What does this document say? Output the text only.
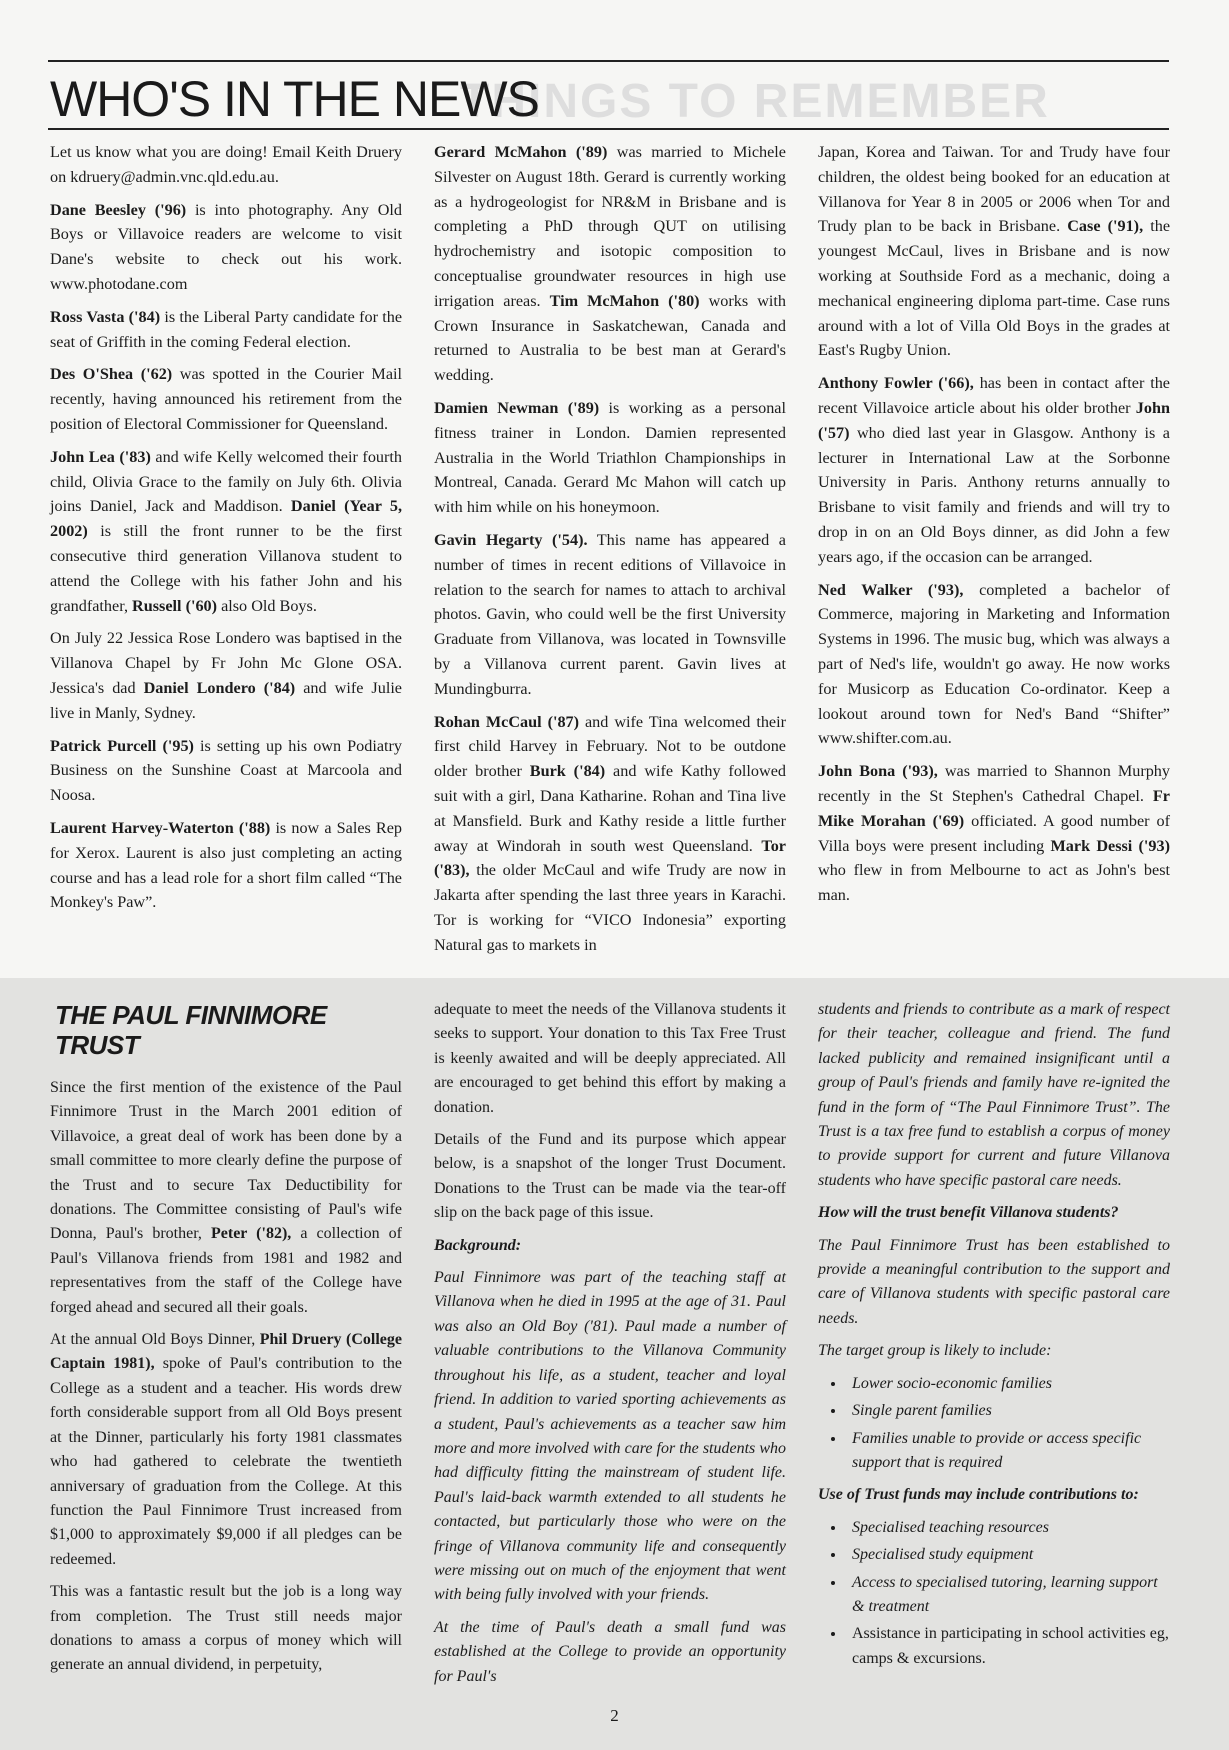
THINGS TO REMEMBER
WHO'S IN THE NEWS

Let us know what you are doing! Email Keith Druery on kdruery@admin.vnc.qld.edu.au.

Dane Beesley ('96) is into photography. Any Old Boys or Villavoice readers are welcome to visit Dane's website to check out his work. www.photodane.com

Ross Vasta ('84) is the Liberal Party candidate for the seat of Griffith in the coming Federal election.

Des O'Shea ('62) was spotted in the Courier Mail recently, having announced his retirement from the position of Electoral Commissioner for Queensland.

John Lea ('83) and wife Kelly welcomed their fourth child, Olivia Grace to the family on July 6th. Olivia joins Daniel, Jack and Maddison. Daniel (Year 5, 2002) is still the front runner to be the first consecutive third generation Villanova student to attend the College with his father John and his grandfather, Russell ('60) also Old Boys.

On July 22 Jessica Rose Londero was baptised in the Villanova Chapel by Fr John Mc Glone OSA. Jessica's dad Daniel Londero ('84) and wife Julie live in Manly, Sydney.

Patrick Purcell ('95) is setting up his own Podiatry Business on the Sunshine Coast at Marcoola and Noosa.

Laurent Harvey-Waterton ('88) is now a Sales Rep for Xerox. Laurent is also just completing an acting course and has a lead role for a short film called “The Monkey's Paw”.

Gerard McMahon ('89) was married to Michele Silvester on August 18th. Gerard is currently working as a hydrogeologist for NR&M in Brisbane and is completing a PhD through QUT on utilising hydrochemistry and isotopic composition to conceptualise groundwater resources in high use irrigation areas. Tim McMahon ('80) works with Crown Insurance in Saskatchewan, Canada and returned to Australia to be best man at Gerard's wedding.

Damien Newman ('89) is working as a personal fitness trainer in London. Damien represented Australia in the World Triathlon Championships in Montreal, Canada. Gerard Mc Mahon will catch up with him while on his honeymoon.

Gavin Hegarty ('54). This name has appeared a number of times in recent editions of Villavoice in relation to the search for names to attach to archival photos. Gavin, who could well be the first University Graduate from Villanova, was located in Townsville by a Villanova current parent. Gavin lives at Mundingburra.

Rohan McCaul ('87) and wife Tina welcomed their first child Harvey in February. Not to be outdone older brother Burk ('84) and wife Kathy followed suit with a girl, Dana Katharine. Rohan and Tina live at Mansfield. Burk and Kathy reside a little further away at Windorah in south west Queensland. Tor ('83), the older McCaul and wife Trudy are now in Jakarta after spending the last three years in Karachi. Tor is working for “VICO Indonesia” exporting Natural gas to markets in

Japan, Korea and Taiwan. Tor and Trudy have four children, the oldest being booked for an education at Villanova for Year 8 in 2005 or 2006 when Tor and Trudy plan to be back in Brisbane. Case ('91), the youngest McCaul, lives in Brisbane and is now working at Southside Ford as a mechanic, doing a mechanical engineering diploma part-time. Case runs around with a lot of Villa Old Boys in the grades at East's Rugby Union.

Anthony Fowler ('66), has been in contact after the recent Villavoice article about his older brother John ('57) who died last year in Glasgow. Anthony is a lecturer in International Law at the Sorbonne University in Paris. Anthony returns annually to Brisbane to visit family and friends and will try to drop in on an Old Boys dinner, as did John a few years ago, if the occasion can be arranged.

Ned Walker ('93), completed a bachelor of Commerce, majoring in Marketing and Information Systems in 1996. The music bug, which was always a part of Ned's life, wouldn't go away. He now works for Musicorp as Education Co-ordinator. Keep a lookout around town for Ned's Band “Shifter” www.shifter.com.au.

John Bona ('93), was married to Shannon Murphy recently in the St Stephen's Cathedral Chapel. Fr Mike Morahan ('69) officiated. A good number of Villa boys were present including Mark Dessi ('93) who flew in from Melbourne to act as John's best man.

THE PAUL FINNIMORE TRUST

Since the first mention of the existence of the Paul Finnimore Trust in the March 2001 edition of Villavoice, a great deal of work has been done by a small committee to more clearly define the purpose of the Trust and to secure Tax Deductibility for donations. The Committee consisting of Paul's wife Donna, Paul's brother, Peter ('82), a collection of Paul's Villanova friends from 1981 and 1982 and representatives from the staff of the College have forged ahead and secured all their goals.

At the annual Old Boys Dinner, Phil Druery (College Captain 1981), spoke of Paul's contribution to the College as a student and a teacher. His words drew forth considerable support from all Old Boys present at the Dinner, particularly his forty 1981 classmates who had gathered to celebrate the twentieth anniversary of graduation from the College. At this function the Paul Finnimore Trust increased from $1,000 to approximately $9,000 if all pledges can be redeemed.

This was a fantastic result but the job is a long way from completion. The Trust still needs major donations to amass a corpus of money which will generate an annual dividend, in perpetuity,

adequate to meet the needs of the Villanova students it seeks to support. Your donation to this Tax Free Trust is keenly awaited and will be deeply appreciated. All are encouraged to get behind this effort by making a donation.

Details of the Fund and its purpose which appear below, is a snapshot of the longer Trust Document. Donations to the Trust can be made via the tear-off slip on the back page of this issue.

Background:

Paul Finnimore was part of the teaching staff at Villanova when he died in 1995 at the age of 31. Paul was also an Old Boy ('81). Paul made a number of valuable contributions to the Villanova Community throughout his life, as a student, teacher and loyal friend. In addition to varied sporting achievements as a student, Paul's achievements as a teacher saw him more and more involved with care for the students who had difficulty fitting the mainstream of student life. Paul's laid-back warmth extended to all students he contacted, but particularly those who were on the fringe of Villanova community life and consequently were missing out on much of the enjoyment that went with being fully involved with your friends.

At the time of Paul's death a small fund was established at the College to provide an opportunity for Paul's

students and friends to contribute as a mark of respect for their teacher, colleague and friend. The fund lacked publicity and remained insignificant until a group of Paul's friends and family have re-ignited the fund in the form of “The Paul Finnimore Trust”. The Trust is a tax free fund to establish a corpus of money to provide support for current and future Villanova students who have specific pastoral care needs.

How will the trust benefit Villanova students?

The Paul Finnimore Trust has been established to provide a meaningful contribution to the support and care of Villanova students with specific pastoral care needs.

The target group is likely to include:

• Lower socio-economic families
• Single parent families
• Families unable to provide or access specific support that is required

Use of Trust funds may include contributions to:

• Specialised teaching resources
• Specialised study equipment
• Access to specialised tutoring, learning support & treatment
• Assistance in participating in school activities eg, camps & excursions.
2
